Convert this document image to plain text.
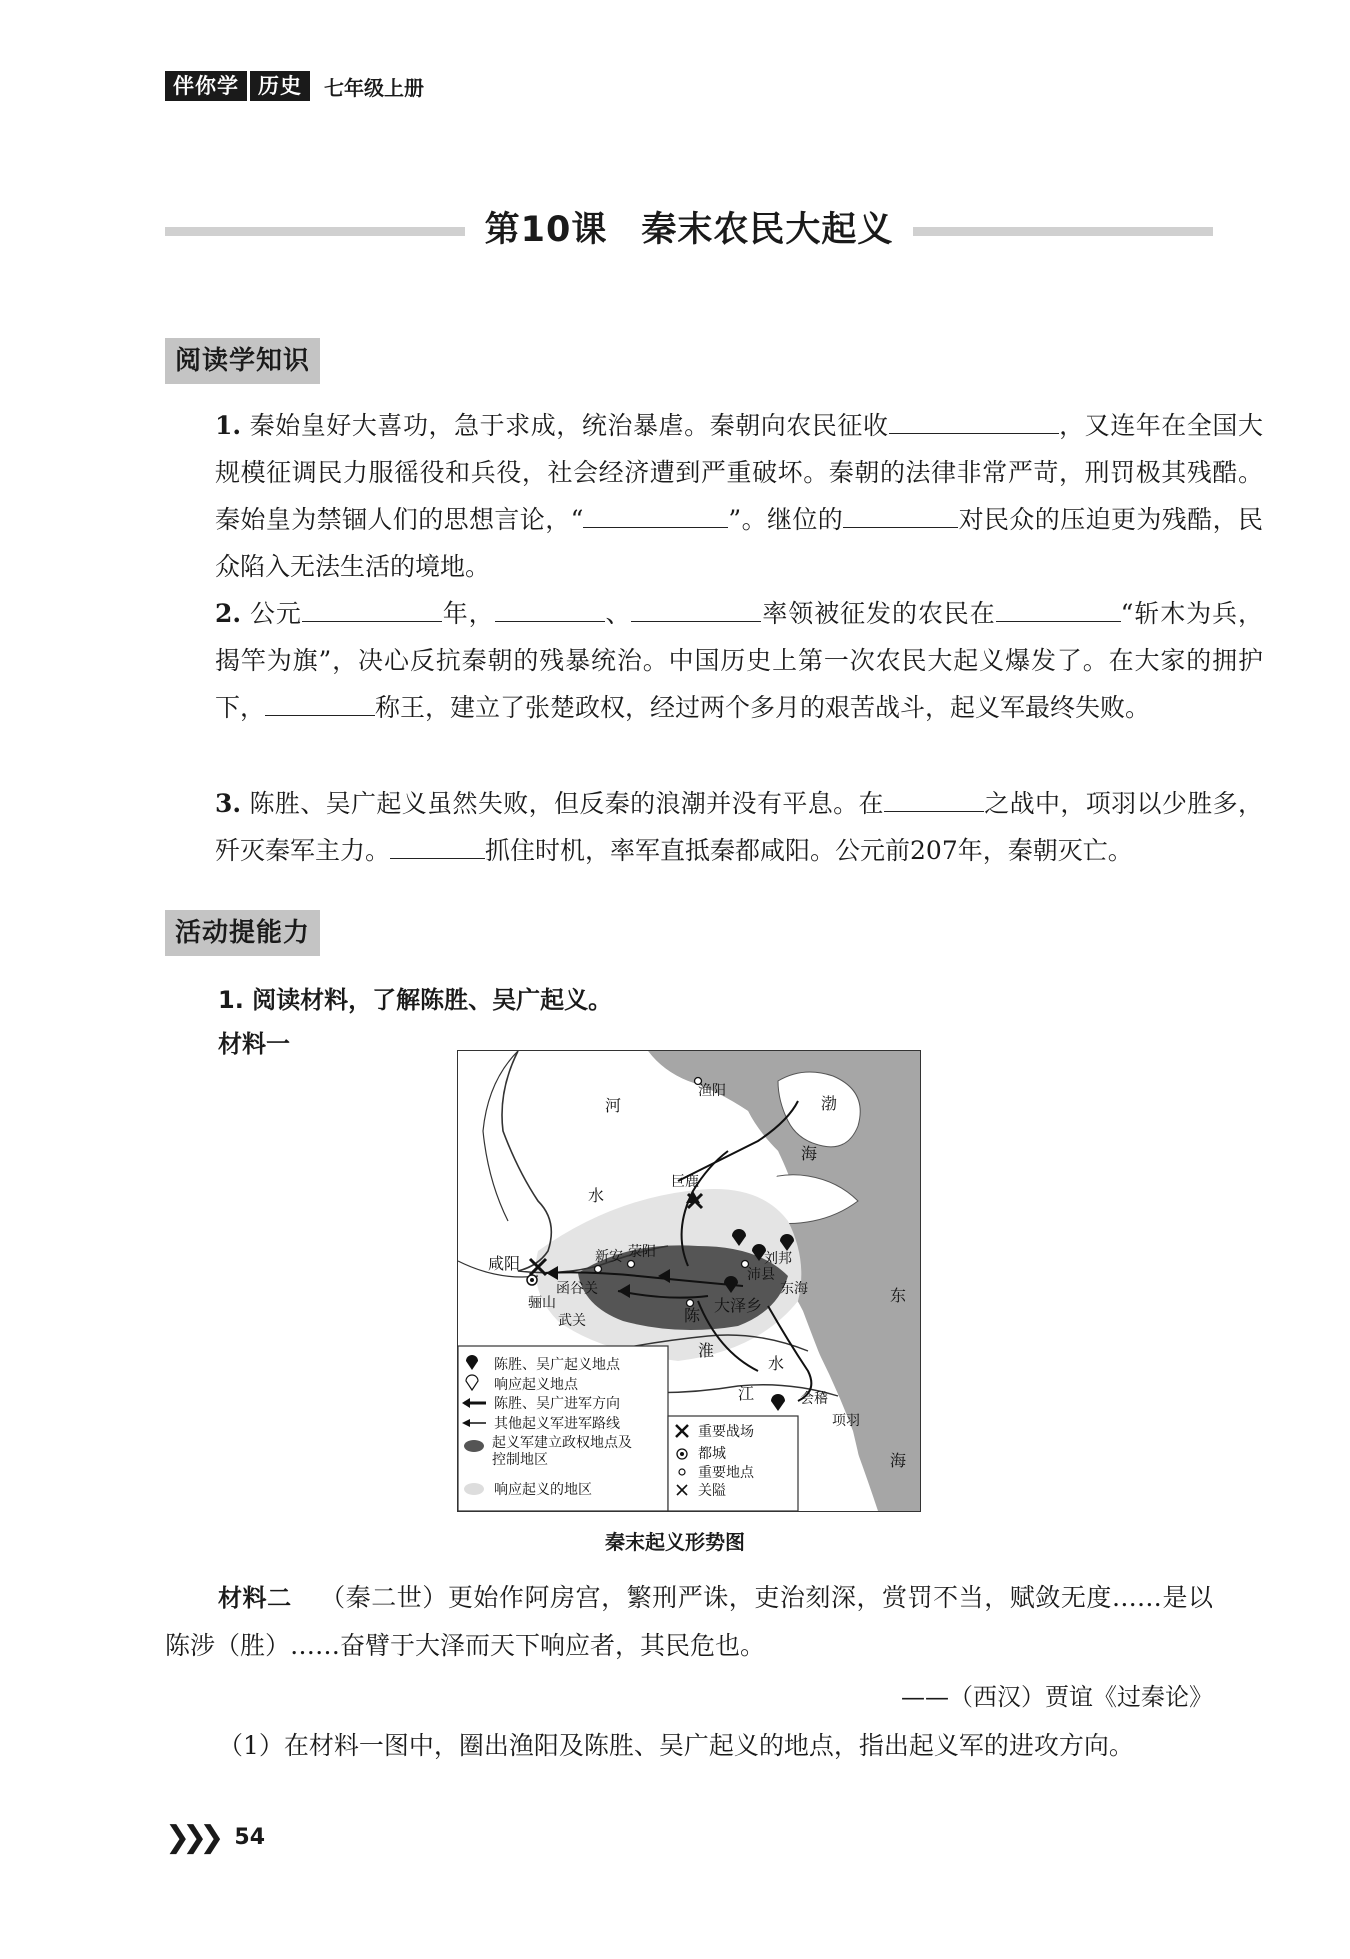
伴你学 历史	七年级上册
第10课 秦末农民大起义
阅读学知识
1. 秦始皇好大喜功，急于求成，统治暴虐。秦朝向农民征收	，又连年在全国大规模征调民力服徭役和兵役，社会经济遭到严重破坏。秦朝的法律非常严苛，刑罚极其残酷。秦始皇为禁锢人们的思想言论，“	”。继位的	对民众的压迫更为残酷，民众陷入无法生活的境地。
2. 公元	年，	、	率领被征发的农民在	“斩木为兵，揭竿为旗”，决心反抗秦朝的残暴统治。中国历史上第一次农民大起义爆发了。在大家的拥护下，	称王，建立了张楚政权，经过两个多月的艰苦战斗，起义军最终失败。
3. 陈胜、吴广起义虽然失败，但反秦的浪潮并没有平息。在	之战中，项羽以少胜多，歼灭秦军主力。	抓住时机，率军直抵秦都咸阳。公元前207年，秦朝灭亡。
活动提能力
1. 阅读材料，了解陈胜、吴广起义。
材料一
渔阳
巨鹿
咸阳	新安 荥阳	刘邦
沛县
东海
函谷关
骊山
武关	陈
大泽乡
会稽
项羽
河
水
渤
海
东
海
淮
水
江
陈胜、吴广起义地点
响应起义地点
陈胜、吴广进军方向
其他起义军进军路线
起义军建立政权地点及控制地区
响应起义的地区
重要战场
都城
重要地点
关隘
秦末起义形势图
材料二 （秦二世）更始作阿房宫，繁刑严诛，吏治刻深，赏罚不当，赋敛无度……是以陈涉（胜）……奋臂于大泽而天下响应者，其民危也。
——（西汉）贾谊《过秦论》
（1）在材料一图中，圈出渔阳及陈胜、吴广起义的地点，指出起义军的进攻方向。
❯❯❯ 54
